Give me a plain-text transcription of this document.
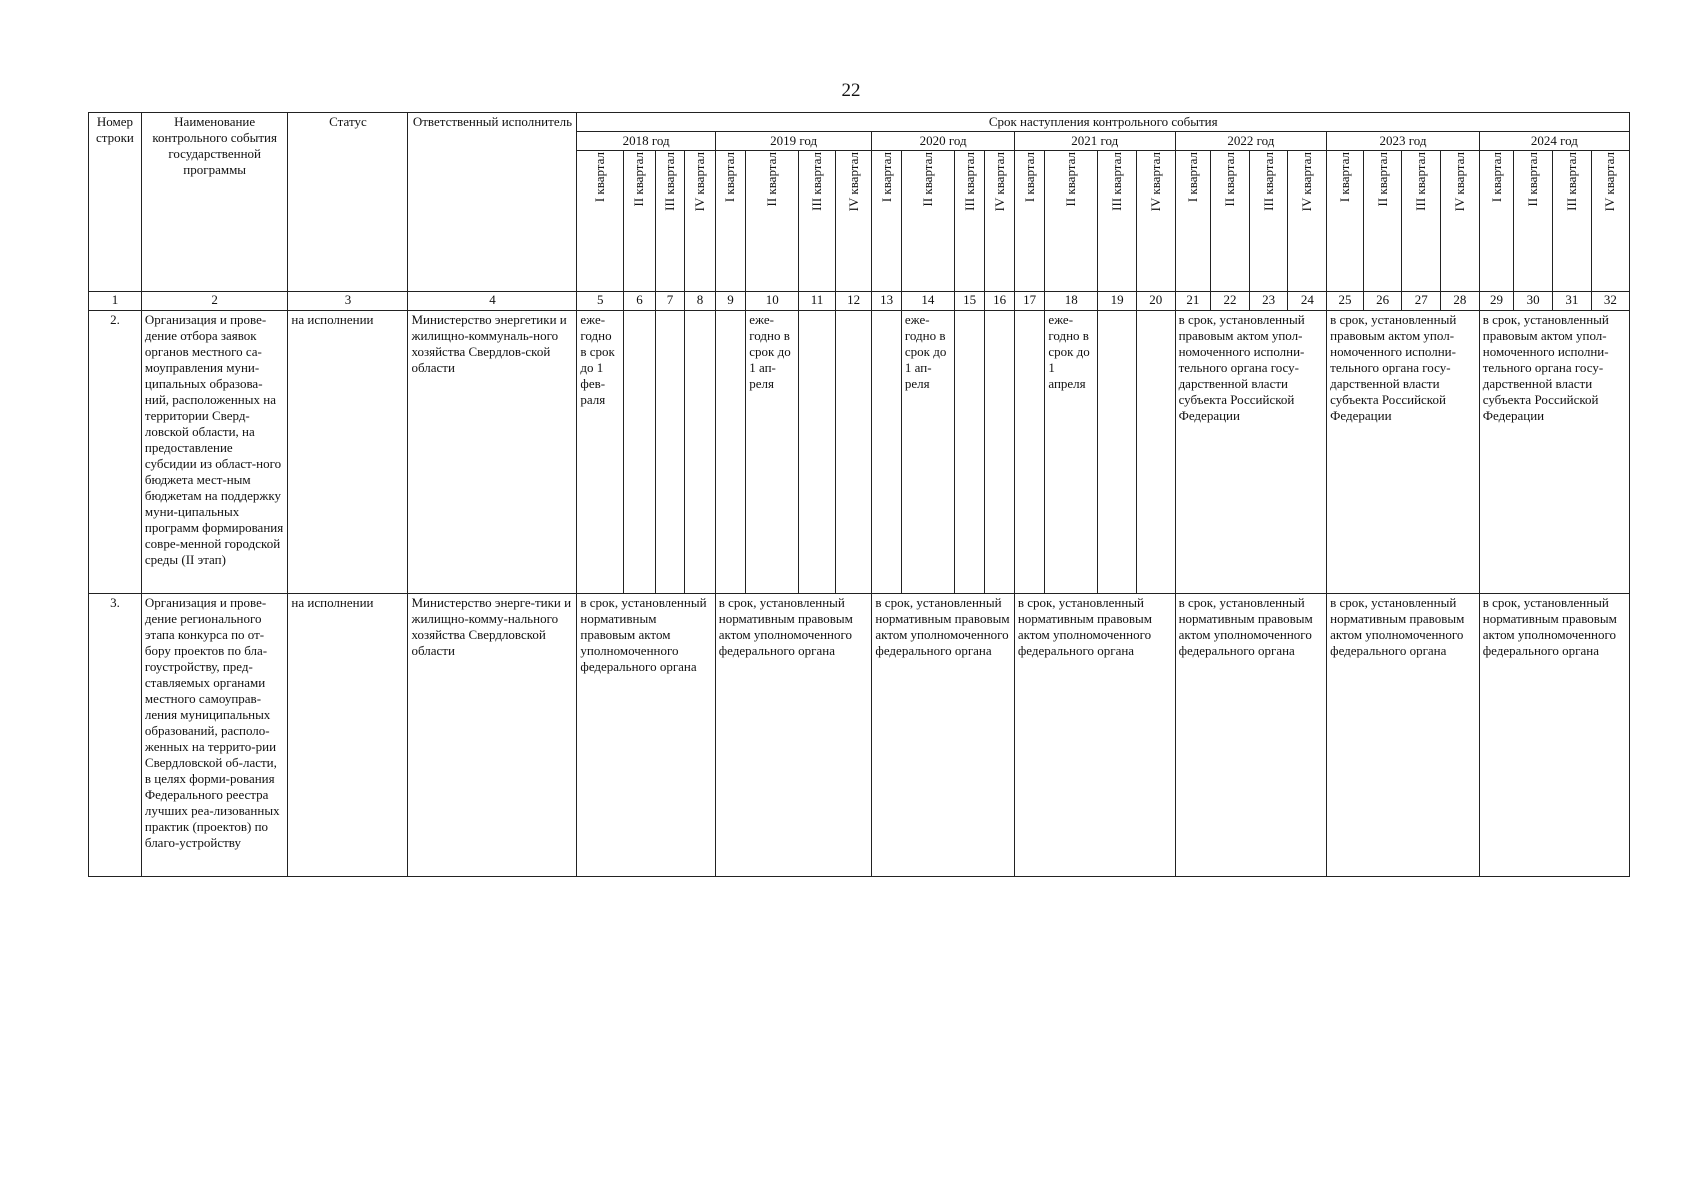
22
Номер строки	Наименование контрольного события государственной программы	Статус	Ответственный исполнитель	Срок наступления контрольного события																											
				2018 год				2019 год				2020 год				2021 год				2022 год				2023 год				2024 год			

				I квартал	II квартал	III квартал	IV квартал	I квартал	II квартал	III квартал	IV квартал	I квартал	II квартал	III квартал	IV квартал	I квартал	II квартал	III квартал	IV квартал	I квартал	II квартал	III квартал	IV квартал	I квартал	II квартал	III квартал	IV квартал	I квартал	II квартал	III квартал	IV квартал

1	2	3	4	5	6	7	8	9	10	11	12	13	14	15	16	17	18	19	20	21	22	23	24	25	26	27	28	29	30	31	32
2.	Организация и прове-дение отбора заявок органов местного са-моуправления муни-ципальных образова-ний, расположенных на территории Сверд-ловской области, на предоставление субсидии из област-ного бюджета мест-ным бюджетам на поддержку муни-ципальных программ формирования совре-менной городской среды (II этап)	на исполнении	Министерство энергетики и жилищно-коммуналь-ного хозяйства Свердлов-ской области	еже-годно в срок до 1 фев-раля					еже-годно в срок до 1 ап-реля				еже-годно в срок до 1 ап-реля				еже-годно в срок до 1 апреля			в срок, установленный правовым актом упол-номоченного исполни-тельного органа госу-дарственной власти субъекта Российской Федерации				в срок, установленный правовым актом упол-номоченного исполни-тельного органа госу-дарственной власти субъекта Российской Федерации				в срок, установленный правовым актом упол-номоченного исполни-тельного органа госу-дарственной власти субъекта Российской Федерации			
3.	Организация и прове-дение регионального этапа конкурса по от-бору проектов по бла-гоустройству, пред-ставляемых органами местного самоуправ-ления муниципальных образований, располо-женных на террито-рии Свердловской об-ласти, в целях форми-рования Федерального реестра лучших реа-лизованных практик (проектов) по благо-устройству	на исполнении	Министерство энерге-тики и жилищно-комму-нального хозяйства Свердловской области	в срок, установленный нормативным правовым актом уполномоченного федерального органа				в срок, установленный нормативным правовым актом уполномоченного федерального органа				в срок, установленный нормативным правовым актом уполномоченного федерального органа				в срок, установленный нормативным правовым актом уполномоченного федерального органа				в срок, установленный нормативным правовым актом уполномоченного федерального органа				в срок, установленный нормативным правовым актом уполномоченного федерального органа				в срок, установленный нормативным правовым актом уполномоченного федерального органа			
